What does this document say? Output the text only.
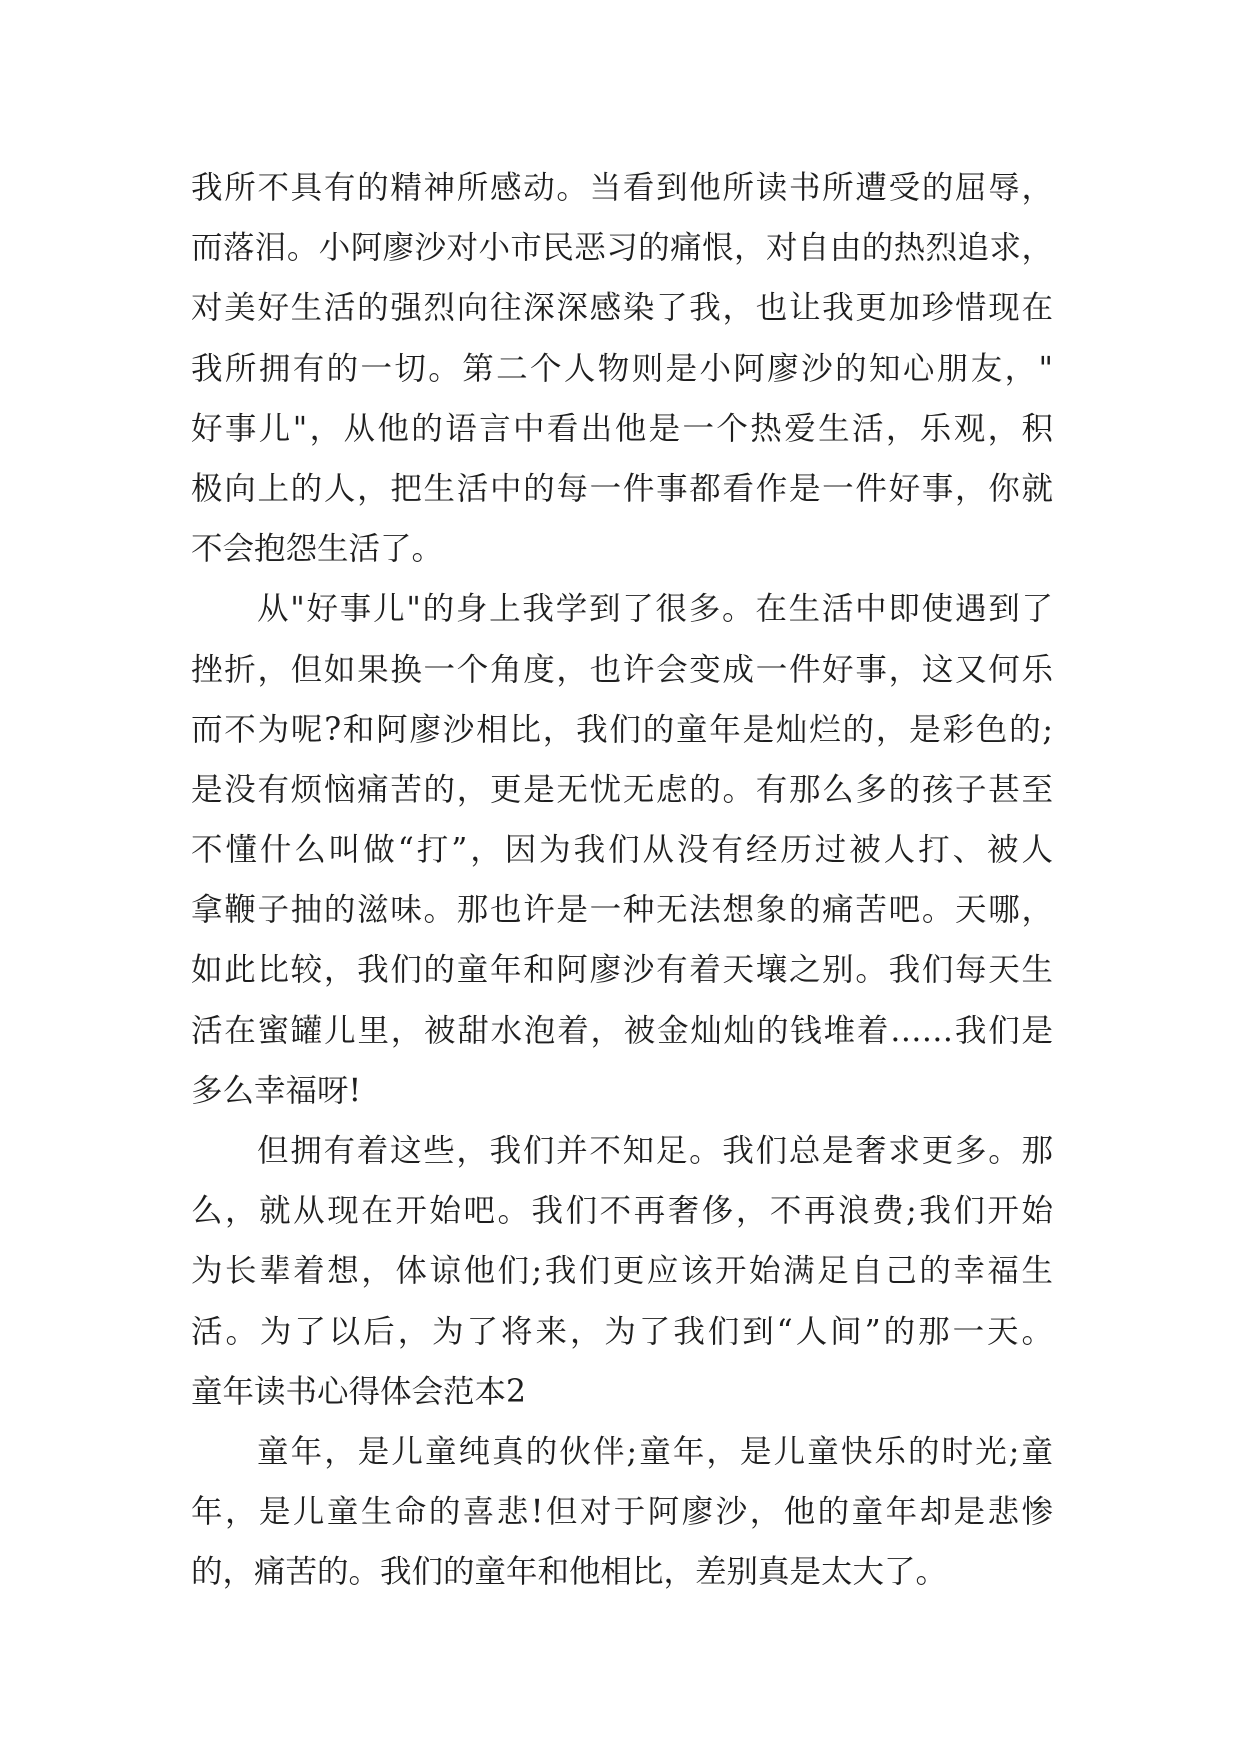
我所不具有的精神所感动。当看到他所读书所遭受的屈辱，
而落泪。小阿廖沙对小市民恶习的痛恨，对自由的热烈追求，
对美好生活的强烈向往深深感染了我，也让我更加珍惜现在
我所拥有的一切。第二个人物则是小阿廖沙的知心朋友，"
好事儿"，从他的语言中看出他是一个热爱生活，乐观，积
极向上的人，把生活中的每一件事都看作是一件好事，你就
不会抱怨生活了。
从"好事儿"的身上我学到了很多。在生活中即使遇到了
挫折，但如果换一个角度，也许会变成一件好事，这又何乐
而不为呢?和阿廖沙相比，我们的童年是灿烂的，是彩色的;
是没有烦恼痛苦的，更是无忧无虑的。有那么多的孩子甚至
不懂什么叫做“打”，因为我们从没有经历过被人打、被人
拿鞭子抽的滋味。那也许是一种无法想象的痛苦吧。天哪，
如此比较，我们的童年和阿廖沙有着天壤之别。我们每天生
活在蜜罐儿里，被甜水泡着，被金灿灿的钱堆着……我们是
多么幸福呀!
但拥有着这些，我们并不知足。我们总是奢求更多。那
么，就从现在开始吧。我们不再奢侈，不再浪费;我们开始
为长辈着想，体谅他们;我们更应该开始满足自己的幸福生
活。为了以后，为了将来，为了我们到“人间”的那一天。
童年读书心得体会范本2
童年，是儿童纯真的伙伴;童年，是儿童快乐的时光;童
年，是儿童生命的喜悲!但对于阿廖沙，他的童年却是悲惨
的，痛苦的。我们的童年和他相比，差别真是太大了。
